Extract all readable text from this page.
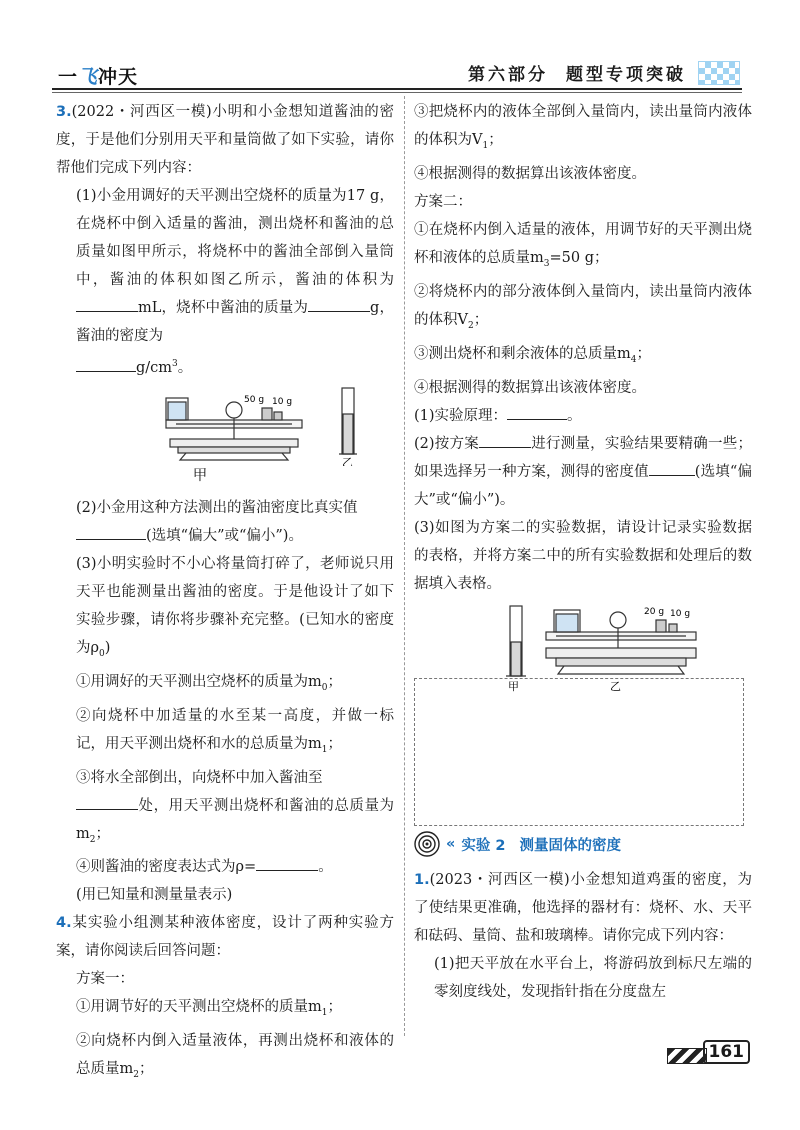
一飞冲天	第六部分 题型专项突破
3.(2022・河西区一模)小明和小金想知道酱油的密度，于是他们分别用天平和量筒做了如下实验，请你帮他们完成下列内容：
(1)小金用调好的天平测出空烧杯的质量为17 g，在烧杯中倒入适量的酱油，测出烧杯和酱油的总质量如图甲所示，将烧杯中的酱油全部倒入量筒中，酱油的体积如图乙所示，酱油的体积为mL，烧杯中酱油的质量为	g，酱油的密度为
$g/cm^3$。
50 g 10 g
乙
甲
(2)小金用这种方法测出的酱油密度比真实值
(选填“偏大”或“偏小”)。
(3)小明实验时不小心将量筒打碎了，老师说只用天平也能测量出酱油的密度。于是他设计了如下实验步骤，请你将步骤补充完整。(已知水的密度为$\rho_0$)
①用调好的天平测出空烧杯的质量为$m_0$；
②向烧杯中加适量的水至某一高度，并做一标记，用天平测出烧杯和水的总质量为$m_1$；
③将水全部倒出，向烧杯中加入酱油至
处，用天平测出烧杯和酱油的总质量为$m_2$；
④则酱油的密度表达式为ρ=	。
(用已知量和测量量表示)
4.某实验小组测某种液体密度，设计了两种实验方案，请你阅读后回答问题：
方案一：
①用调节好的天平测出空烧杯的质量$m_1$；
②向烧杯内倒入适量液体，再测出烧杯和液体的总质量$m_2$；
③把烧杯内的液体全部倒入量筒内，读出量筒内液体的体积为$V_1$；
④根据测得的数据算出该液体密度。
方案二：
①在烧杯内倒入适量的液体，用调节好的天平测出烧杯和液体的总质量$m_3=50$ g；
②将烧杯内的部分液体倒入量筒内，读出量筒内液体的体积$V_2$；
③测出烧杯和剩余液体的总质量$m_4$；
④根据测得的数据算出该液体密度。
(1)实验原理：	。
(2)按方案	进行测量，实验结果要精确一些；如果选择另一种方案，测得的密度值	(选填“偏大”或“偏小”)。
(3)如图为方案二的实验数据，请设计记录实验数据的表格，并将方案二中的所有实验数据和处理后的数据填入表格。
20 g 10 g
甲	乙
« 实验 2 测量固体的密度
1.(2023・河西区一模)小金想知道鸡蛋的密度，为了使结果更准确，他选择的器材有：烧杯、水、天平和砝码、量筒、盐和玻璃棒。请你完成下列内容：
(1)把天平放在水平台上，将游码放到标尺左端的零刻度线处，发现指针指在分度盘左
161
